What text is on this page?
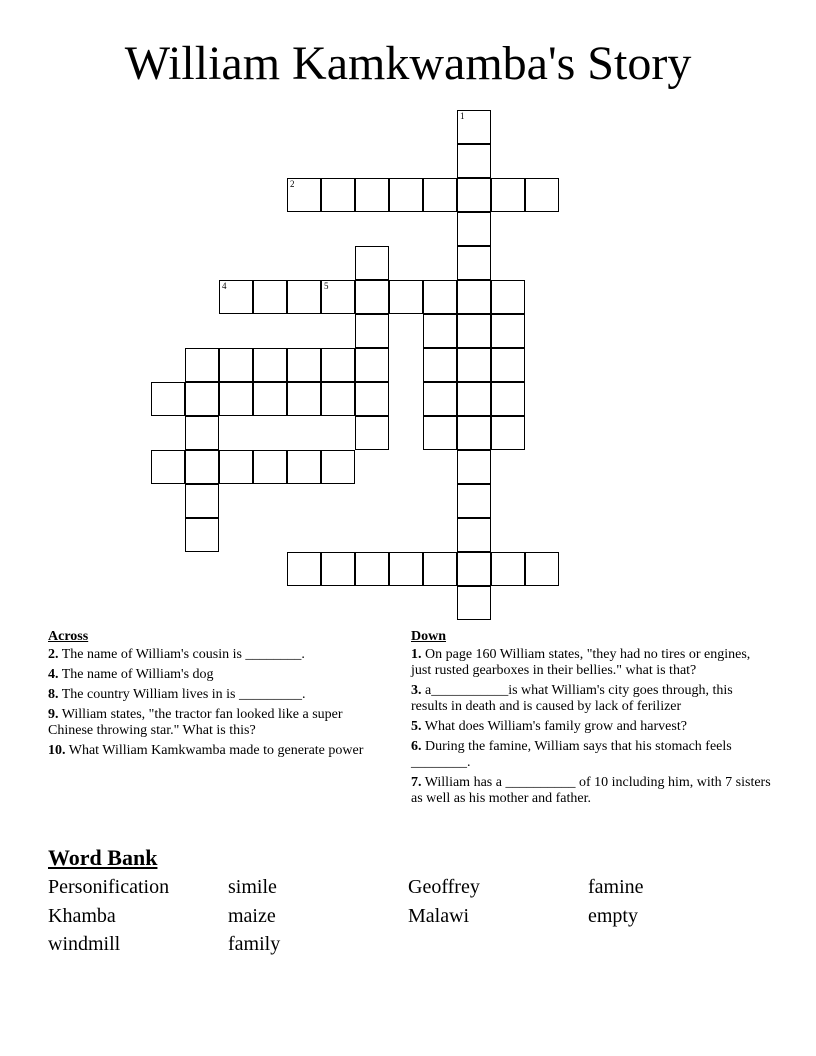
William Kamkwamba's Story
1
2
4	5
Across
2. The name of William's cousin is ________.
4. The name of William's dog
8. The country William lives in is _________.
9. William states, "the tractor fan looked like a super Chinese throwing star." What is this?
10. What William Kamkwamba made to generate power
Down
1. On page 160 William states, "they had no tires or engines, just rusted gearboxes in their bellies." what is that?
3. a___________is what William's city goes through, this results in death and is caused by lack of ferilizer
5. What does William's family grow and harvest?
6. During the famine, William says that his stomach feels ________.
7. William has a __________ of 10 including him, with 7 sisters as well as his mother and father.
Word Bank
Personification	simile	Geoffrey	famine
Khamba	maize	Malawi	empty
windmill	family
